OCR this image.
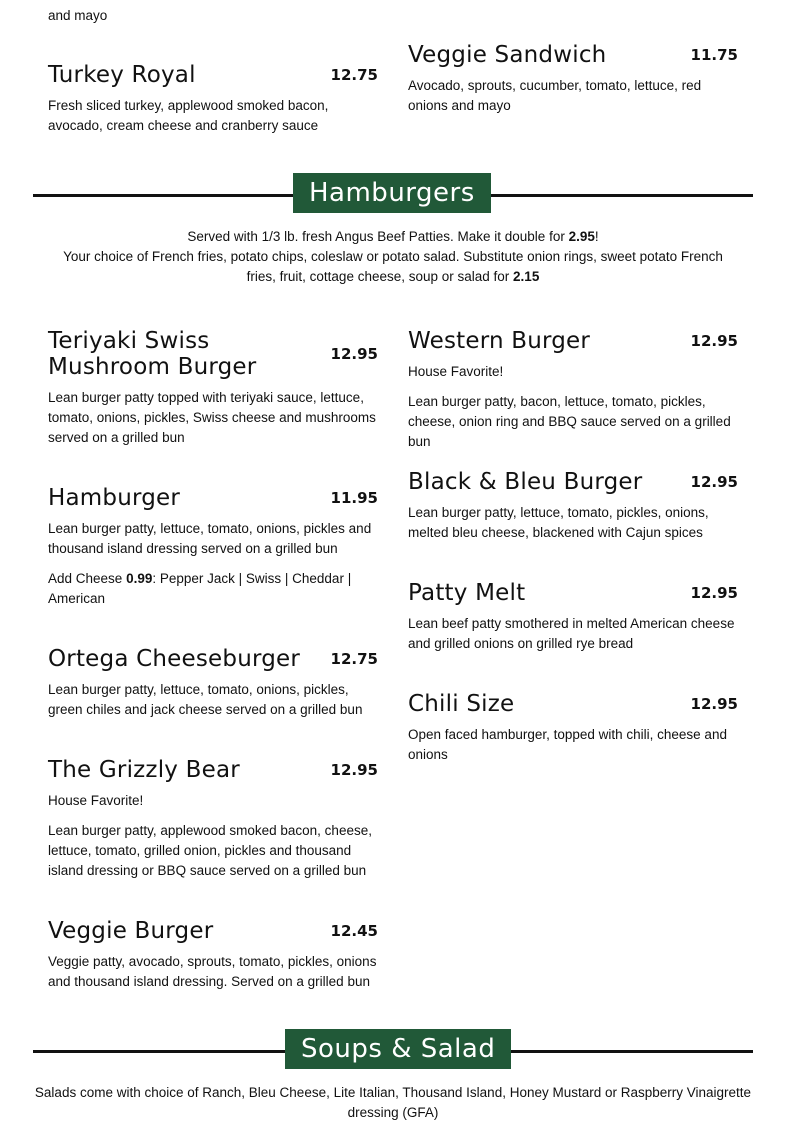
and mayo
Turkey Royal	12.75
Fresh sliced turkey, applewood smoked bacon, avocado, cream cheese and cranberry sauce
Veggie Sandwich	11.75
Avocado, sprouts, cucumber, tomato, lettuce, red onions and mayo
Hamburgers
Served with 1/3 lb. fresh Angus Beef Patties. Make it double for 2.95!
Your choice of French fries, potato chips, coleslaw or potato salad. Substitute onion rings, sweet potato French fries, fruit, cottage cheese, soup or salad for 2.15
Teriyaki Swiss Mushroom Burger	12.95
Lean burger patty topped with teriyaki sauce, lettuce, tomato, onions, pickles, Swiss cheese and mushrooms served on a grilled bun
Hamburger	11.95
Lean burger patty, lettuce, tomato, onions, pickles and thousand island dressing served on a grilled bun
Add Cheese 0.99: Pepper Jack | Swiss | Cheddar | American
Ortega Cheeseburger	12.75
Lean burger patty, lettuce, tomato, onions, pickles, green chiles and jack cheese served on a grilled bun
The Grizzly Bear	12.95
House Favorite!
Lean burger patty, applewood smoked bacon, cheese, lettuce, tomato, grilled onion, pickles and thousand island dressing or BBQ sauce served on a grilled bun
Veggie Burger	12.45
Veggie patty, avocado, sprouts, tomato, pickles, onions and thousand island dressing. Served on a grilled bun
Western Burger	12.95
House Favorite!
Lean burger patty, bacon, lettuce, tomato, pickles, cheese, onion ring and BBQ sauce served on a grilled bun
Black & Bleu Burger	12.95
Lean burger patty, lettuce, tomato, pickles, onions, melted bleu cheese, blackened with Cajun spices
Patty Melt	12.95
Lean beef patty smothered in melted American cheese and grilled onions on grilled rye bread
Chili Size	12.95
Open faced hamburger, topped with chili, cheese and onions
Soups & Salad
Salads come with choice of Ranch, Bleu Cheese, Lite Italian, Thousand Island, Honey Mustard or Raspberry Vinaigrette dressing (GFA)
